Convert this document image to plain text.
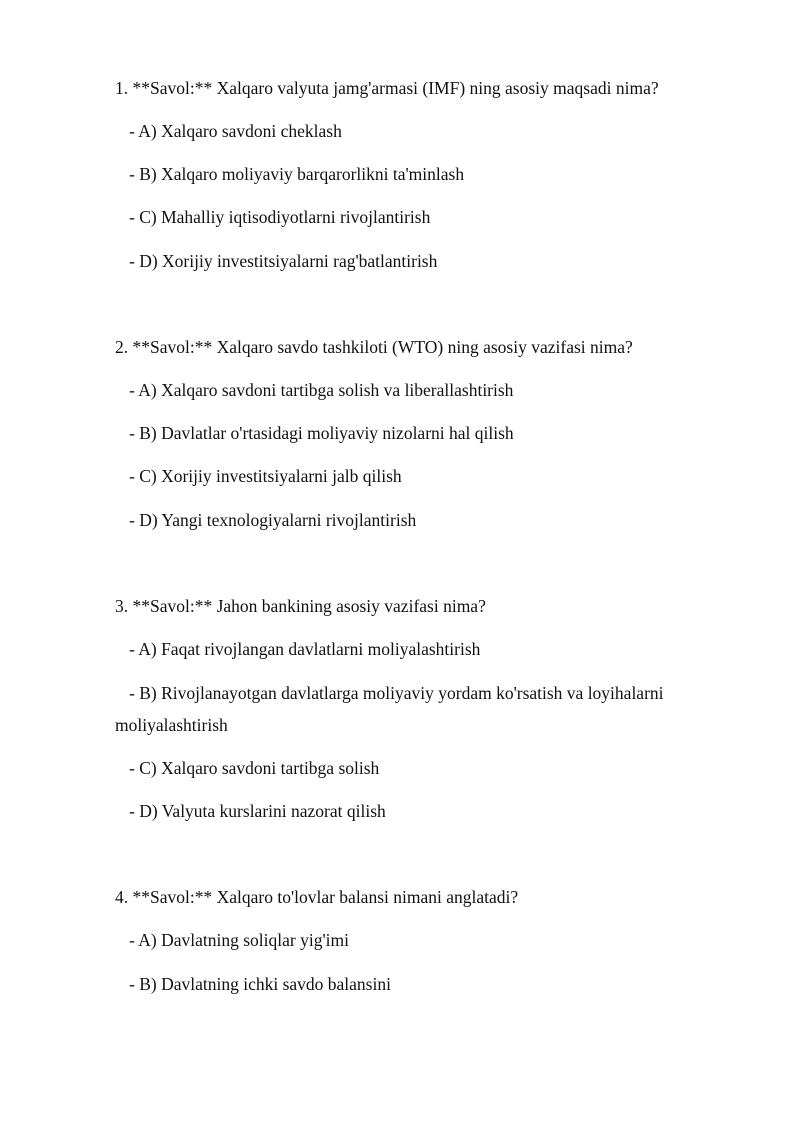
1. **Savol:** Xalqaro valyuta jamg'armasi (IMF) ning asosiy maqsadi nima?
- A) Xalqaro savdoni cheklash
- B) Xalqaro moliyaviy barqarorlikni ta'minlash
- C) Mahalliy iqtisodiyotlarni rivojlantirish
- D) Xorijiy investitsiyalarni rag'batlantirish
2. **Savol:** Xalqaro savdo tashkiloti (WTO) ning asosiy vazifasi nima?
- A) Xalqaro savdoni tartibga solish va liberallashtirish
- B) Davlatlar o'rtasidagi moliyaviy nizolarni hal qilish
- C) Xorijiy investitsiyalarni jalb qilish
- D) Yangi texnologiyalarni rivojlantirish
3. **Savol:** Jahon bankining asosiy vazifasi nima?
- A) Faqat rivojlangan davlatlarni moliyalashtirish
- B) Rivojlanayotgan davlatlarga moliyaviy yordam ko'rsatish va loyihalarni moliyalashtirish
- C) Xalqaro savdoni tartibga solish
- D) Valyuta kurslarini nazorat qilish
4. **Savol:** Xalqaro to'lovlar balansi nimani anglatadi?
- A) Davlatning soliqlar yig'imi
- B) Davlatning ichki savdo balansini
